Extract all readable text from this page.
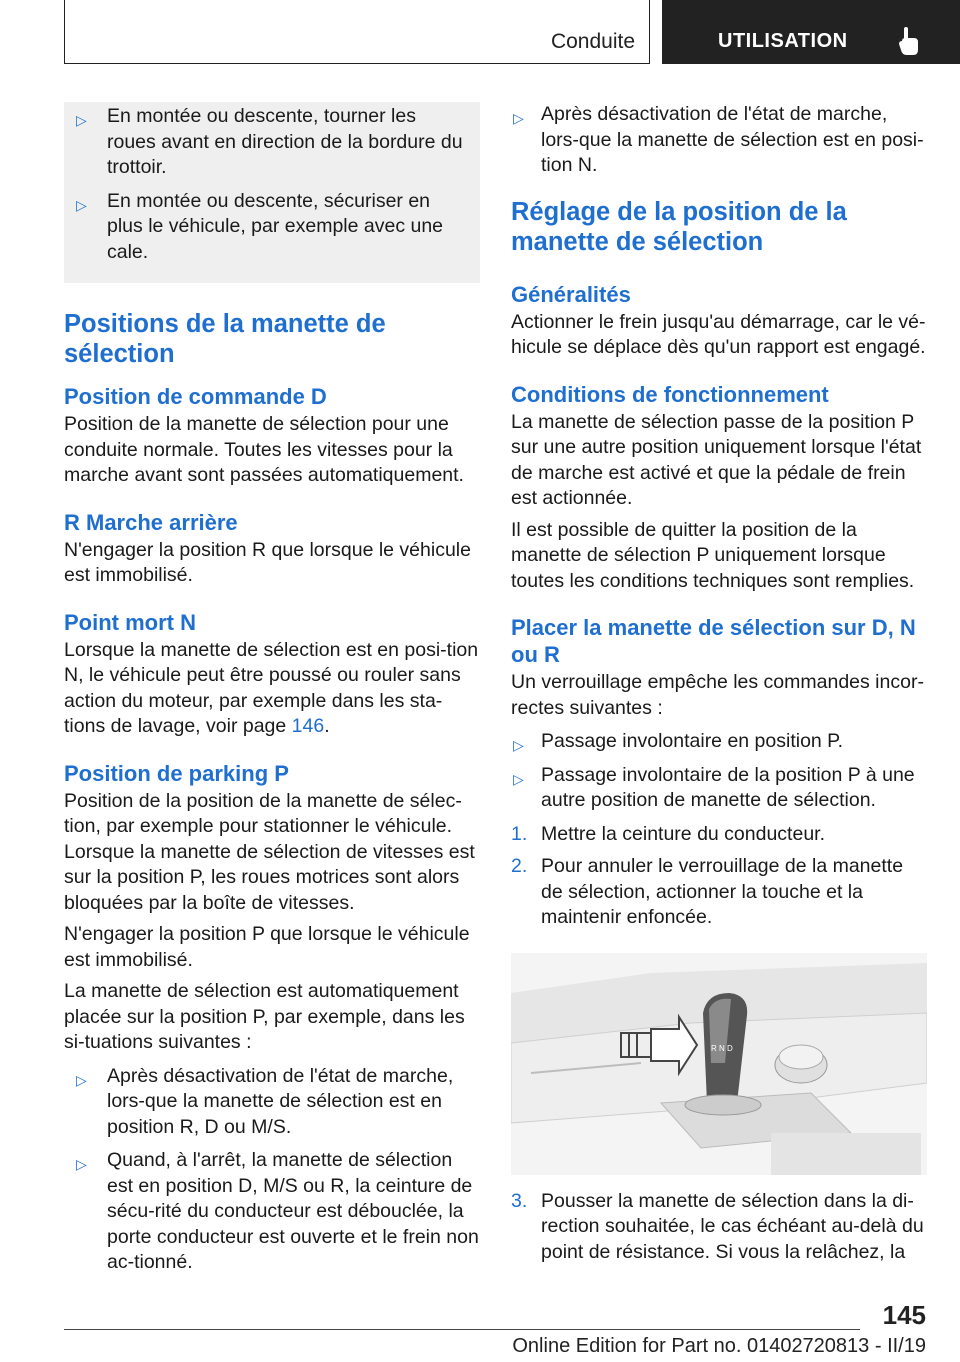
Conduite	UTILISATION
▷ En montée ou descente, tourner les roues avant en direction de la bordure du trottoir.
▷ En montée ou descente, sécuriser en plus le véhicule, par exemple avec une cale.
Positions de la manette de sélection
Position de commande D

Position de la manette de sélection pour une conduite normale. Toutes les vitesses pour la marche avant sont passées automatiquement.

R Marche arrière

N'engager la position R que lorsque le véhicule est immobilisé.

Point mort N

Lorsque la manette de sélection est en posi-tion N, le véhicule peut être poussé ou rouler sans action du moteur, par exemple dans les sta-tions de lavage, voir page 146.

Position de parking P

Position de la position de la manette de sélec-tion, par exemple pour stationner le véhicule. Lorsque la manette de sélection de vitesses est sur la position P, les roues motrices sont alors bloquées par la boîte de vitesses.

N'engager la position P que lorsque le véhicule est immobilisé.

La manette de sélection est automatiquement placée sur la position P, par exemple, dans les si-tuations suivantes :

▷ Après désactivation de l'état de marche, lors-que la manette de sélection est en position R, D ou M/S.
▷ Quand, à l'arrêt, la manette de sélection est en position D, M/S ou R, la ceinture de sécu-rité du conducteur est débouclée, la porte conducteur est ouverte et le frein non ac-tionné.
▷ Après désactivation de l'état de marche, lors-que la manette de sélection est en posi-tion N.
Réglage de la position de la manette de sélection
Généralités

Actionner le frein jusqu'au démarrage, car le vé-hicule se déplace dès qu'un rapport est engagé.

Conditions de fonctionnement

La manette de sélection passe de la position P sur une autre position uniquement lorsque l'état de marche est activé et que la pédale de frein est actionnée.

Il est possible de quitter la position de la manette de sélection P uniquement lorsque toutes les conditions techniques sont remplies.

Placer la manette de sélection sur D, N ou R

Un verrouillage empêche les commandes incor-rectes suivantes :

▷ Passage involontaire en position P.
▷ Passage involontaire de la position P à une autre position de manette de sélection.
1. Mettre la ceinture du conducteur.
2. Pour annuler le verrouillage de la manette de sélection, actionner la touche et la maintenir enfoncée.
R N D
3. Pousser la manette de sélection dans la di-rection souhaitée, le cas échéant au-delà du point de résistance. Si vous la relâchez, la
145
Online Edition for Part no. 01402720813 - II/19
